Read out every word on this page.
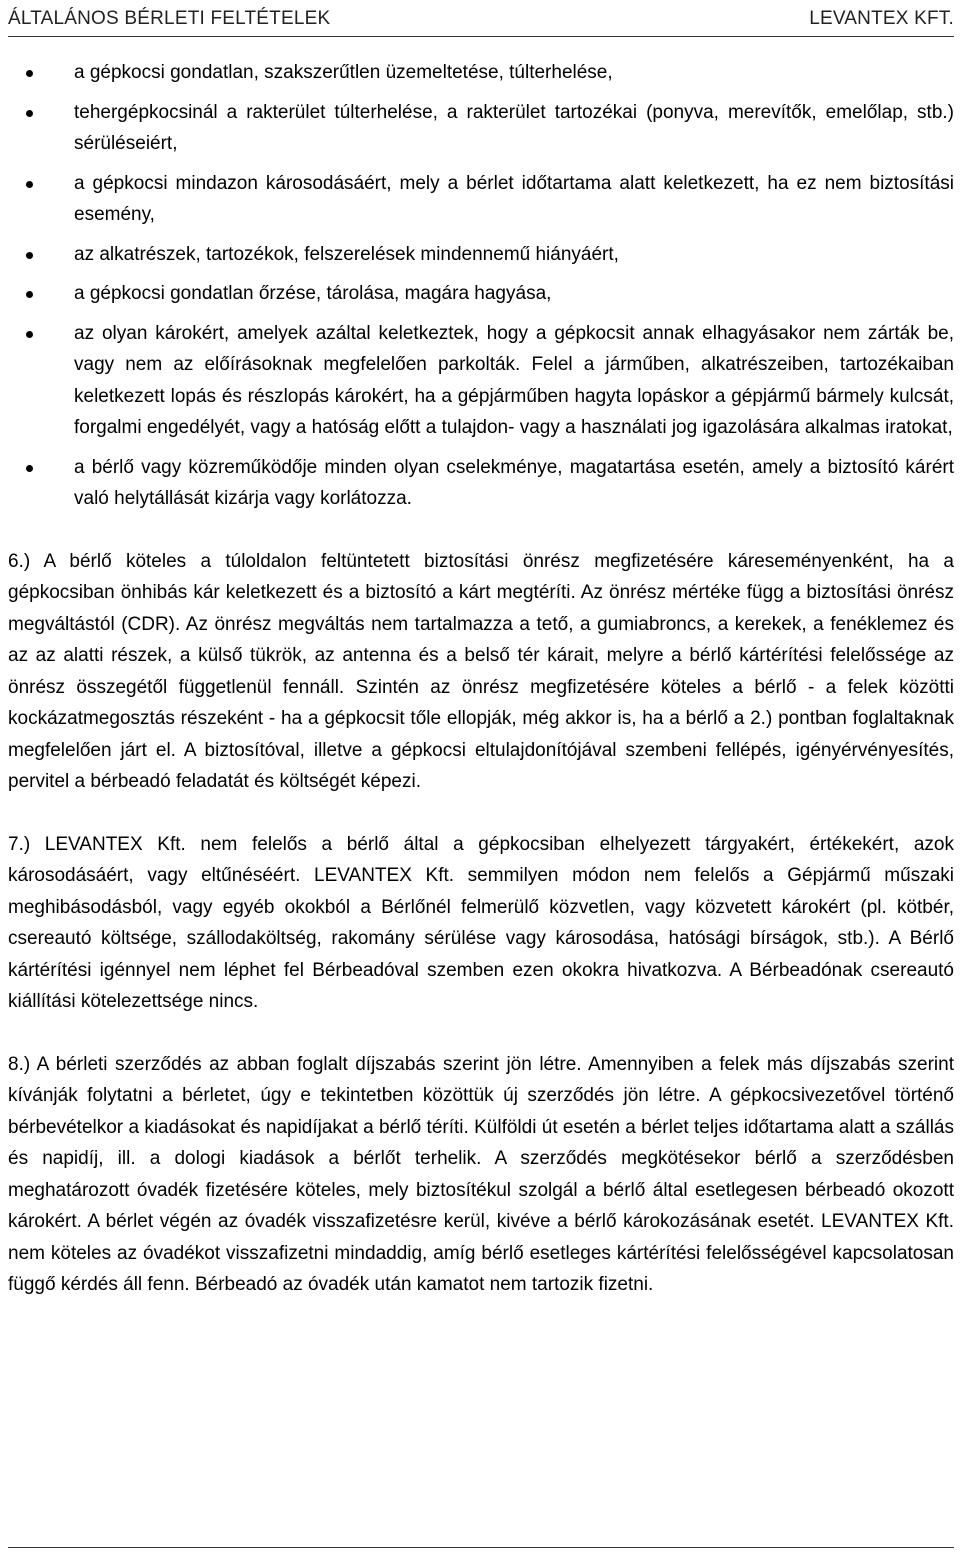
ÁLTALÁNOS BÉRLETI FELTÉTELEK	LEVANTEX KFT.
a gépkocsi gondatlan, szakszerűtlen üzemeltetése, túlterhelése,
tehergépkocsinál a rakterület túlterhelése, a rakterület tartozékai (ponyva, merevítők, emelőlap, stb.) sérüléseiért,
a gépkocsi mindazon károsodásáért, mely a bérlet időtartama alatt keletkezett, ha ez nem biztosítási esemény,
az alkatrészek, tartozékok, felszerelések mindennemű hiányáért,
a gépkocsi gondatlan őrzése, tárolása, magára hagyása,
az olyan károkért, amelyek azáltal keletkeztek, hogy a gépkocsit annak elhagyásakor nem zárták be, vagy nem az előírásoknak megfelelően parkolták. Felel a járműben, alkatrészeiben, tartozékaiban keletkezett lopás és részlopás károkért, ha a gépjárműben hagyta lopáskor a gépjármű bármely kulcsát, forgalmi engedélyét, vagy a hatóság előtt a tulajdon- vagy a használati jog igazolására alkalmas iratokat,
a bérlő vagy közreműködője minden olyan cselekménye, magatartása esetén, amely a biztosító kárért való helytállását kizárja vagy korlátozza.

6.) A bérlő köteles a túloldalon feltüntetett biztosítási önrész megfizetésére káreseményenként, ha a gépkocsiban önhibás kár keletkezett és a biztosító a kárt megtéríti. Az önrész mértéke függ a biztosítási önrész megváltástól (CDR). Az önrész megváltás nem tartalmazza a tető, a gumiabroncs, a kerekek, a fenéklemez és az az alatti részek, a külső tükrök, az antenna és a belső tér kárait, melyre a bérlő kártérítési felelőssége az önrész összegétől függetlenül fennáll. Szintén az önrész megfizetésére köteles a bérlő - a felek közötti kockázatmegosztás részeként - ha a gépkocsit tőle ellopják, még akkor is, ha a bérlő a 2.) pontban foglaltaknak megfelelően járt el. A biztosítóval, illetve a gépkocsi eltulajdonítójával szembeni fellépés, igényérvényesítés, pervitel a bérbeadó feladatát és költségét képezi.

7.) LEVANTEX Kft. nem felelős a bérlő által a gépkocsiban elhelyezett tárgyakért, értékekért, azok károsodásáért, vagy eltűnéséért. LEVANTEX Kft. semmilyen módon nem felelős a Gépjármű műszaki meghibásodásból, vagy egyéb okokból a Bérlőnél felmerülő közvetlen, vagy közvetett károkért (pl. kötbér, csereautó költsége, szállodaköltség, rakomány sérülése vagy károsodása, hatósági bírságok, stb.). A Bérlő kártérítési igénnyel nem léphet fel Bérbeadóval szemben ezen okokra hivatkozva. A Bérbeadónak csereautó kiállítási kötelezettsége nincs.

8.) A bérleti szerződés az abban foglalt díjszabás szerint jön létre. Amennyiben a felek más díjszabás szerint kívánják folytatni a bérletet, úgy e tekintetben közöttük új szerződés jön létre. A gépkocsivezetővel történő bérbevételkor a kiadásokat és napidíjakat a bérlő téríti. Külföldi út esetén a bérlet teljes időtartama alatt a szállás és napidíj, ill. a dologi kiadások a bérlőt terhelik. A szerződés megkötésekor bérlő a szerződésben meghatározott óvadék fizetésére köteles, mely biztosítékul szolgál a bérlő által esetlegesen bérbeadó okozott károkért. A bérlet végén az óvadék visszafizetésre kerül, kivéve a bérlő károkozásának esetét. LEVANTEX Kft. nem köteles az óvadékot visszafizetni mindaddig, amíg bérlő esetleges kártérítési felelősségével kapcsolatosan függő kérdés áll fenn. Bérbeadó az óvadék után kamatot nem tartozik fizetni.
